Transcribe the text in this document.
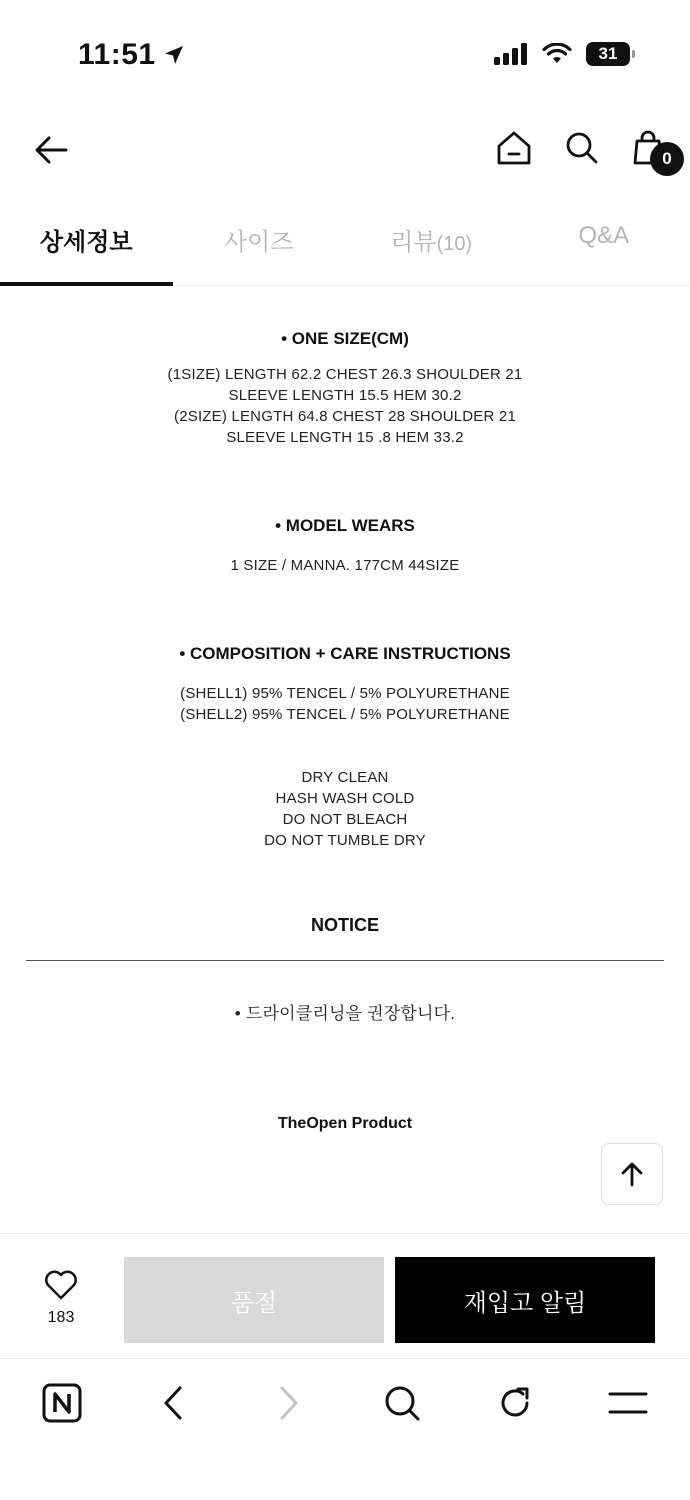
11:51	31
0
상세정보	사이즈	리뷰(10)	Q&A
• ONE SIZE(CM)
(1SIZE) LENGTH 62.2 CHEST 26.3 SHOULDER 21
SLEEVE LENGTH 15.5 HEM 30.2
(2SIZE) LENGTH 64.8 CHEST 28 SHOULDER 21
SLEEVE LENGTH 15 .8 HEM 33.2
• MODEL WEARS
1 SIZE / MANNA. 177CM 44SIZE
• COMPOSITION + CARE INSTRUCTIONS
(SHELL1) 95% TENCEL / 5% POLYURETHANE
(SHELL2) 95% TENCEL / 5% POLYURETHANE
DRY CLEAN
HASH WASH COLD
DO NOT BLEACH
DO NOT TUMBLE DRY
NOTICE
• 드라이클리닝을 권장합니다.
TheOpen Product
183
품절	재입고 알림
